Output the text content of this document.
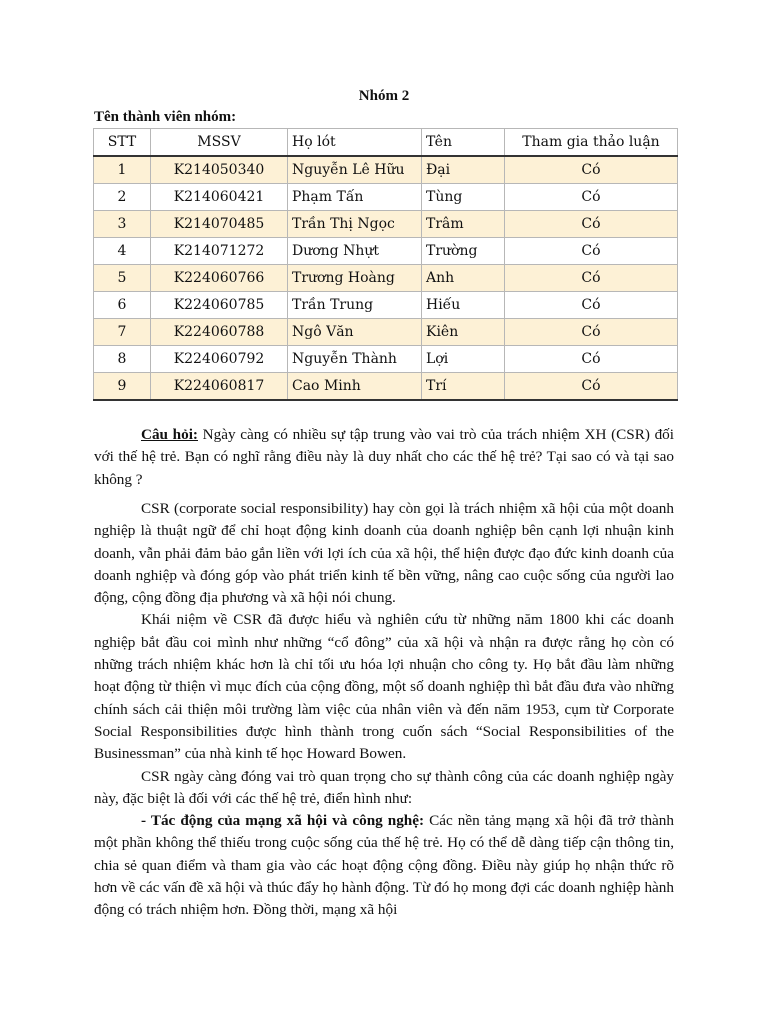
Nhóm 2
Tên thành viên nhóm:
STT	MSSV	Họ lót	Tên	Tham gia thảo luận
1	K214050340	Nguyễn Lê Hữu	Đại	Có
2	K214060421	Phạm Tấn	Tùng	Có
3	K214070485	Trần Thị Ngọc	Trâm	Có
4	K214071272	Dương Nhựt	Trường	Có
5	K224060766	Trương Hoàng	Anh	Có
6	K224060785	Trần Trung	Hiếu	Có
7	K224060788	Ngô Văn	Kiên	Có
8	K224060792	Nguyễn Thành	Lợi	Có
9	K224060817	Cao Minh	Trí	Có

Câu hỏi: Ngày càng có nhiều sự tập trung vào vai trò của trách nhiệm XH (CSR) đối với thế hệ trẻ. Bạn có nghĩ rằng điều này là duy nhất cho các thế hệ trẻ? Tại sao có và tại sao không ?

CSR (corporate social responsibility) hay còn gọi là trách nhiệm xã hội của một doanh nghiệp là thuật ngữ để chỉ hoạt động kinh doanh của doanh nghiệp bên cạnh lợi nhuận kinh doanh, vẫn phải đảm bảo gắn liền với lợi ích của xã hội, thể hiện được đạo đức kinh doanh của doanh nghiệp và đóng góp vào phát triển kinh tế bền vững, nâng cao cuộc sống của người lao động, cộng đồng địa phương và xã hội nói chung.

Khái niệm về CSR đã được hiểu và nghiên cứu từ những năm 1800 khi các doanh nghiệp bắt đầu coi mình như những “cổ đông” của xã hội và nhận ra được rằng họ còn có những trách nhiệm khác hơn là chỉ tối ưu hóa lợi nhuận cho công ty. Họ bắt đầu làm những hoạt động từ thiện vì mục đích của cộng đồng, một số doanh nghiệp thì bắt đầu đưa vào những chính sách cải thiện môi trường làm việc của nhân viên và đến năm 1953, cụm từ Corporate Social Responsibilities được hình thành trong cuốn sách “Social Responsibilities of the Businessman” của nhà kinh tế học Howard Bowen.

CSR ngày càng đóng vai trò quan trọng cho sự thành công của các doanh nghiệp ngày này, đặc biệt là đối với các thế hệ trẻ, điển hình như:

- Tác động của mạng xã hội và công nghệ: Các nền tảng mạng xã hội đã trở thành một phần không thể thiếu trong cuộc sống của thế hệ trẻ. Họ có thể dễ dàng tiếp cận thông tin, chia sẻ quan điểm và tham gia vào các hoạt động cộng đồng. Điều này giúp họ nhận thức rõ hơn về các vấn đề xã hội và thúc đẩy họ hành động. Từ đó họ mong đợi các doanh nghiệp hành động có trách nhiệm hơn. Đồng thời, mạng xã hội
